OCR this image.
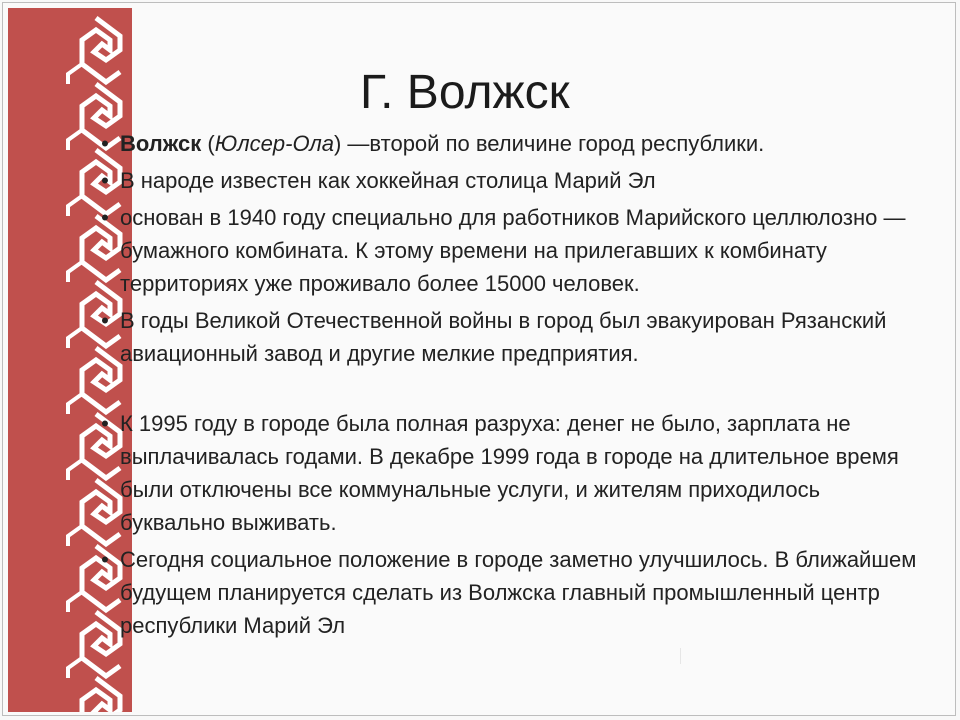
Г. Волжск
• Волжск (Юлсер-Ола) —второй по величине город республики.
• В народе известен как хоккейная столица Марий Эл
• основан в 1940 году специально для работников Марийского целлюлозно — бумажного комбината. К этому времени на прилегавших к комбинату территориях уже проживало более 15000 человек.
• В годы Великой Отечественной войны в город был эвакуирован Рязанский авиационный завод и другие мелкие предприятия.
• К 1995 году в городе была полная разруха: денег не было, зарплата не выплачивалась годами. В декабре 1999 года в городе на длительное время были отключены все коммунальные услуги, и жителям приходилось буквально выживать.
• Сегодня социальное положение в городе заметно улучшилось. В ближайшем будущем планируется сделать из Волжска главный промышленный центр республики Марий Эл
